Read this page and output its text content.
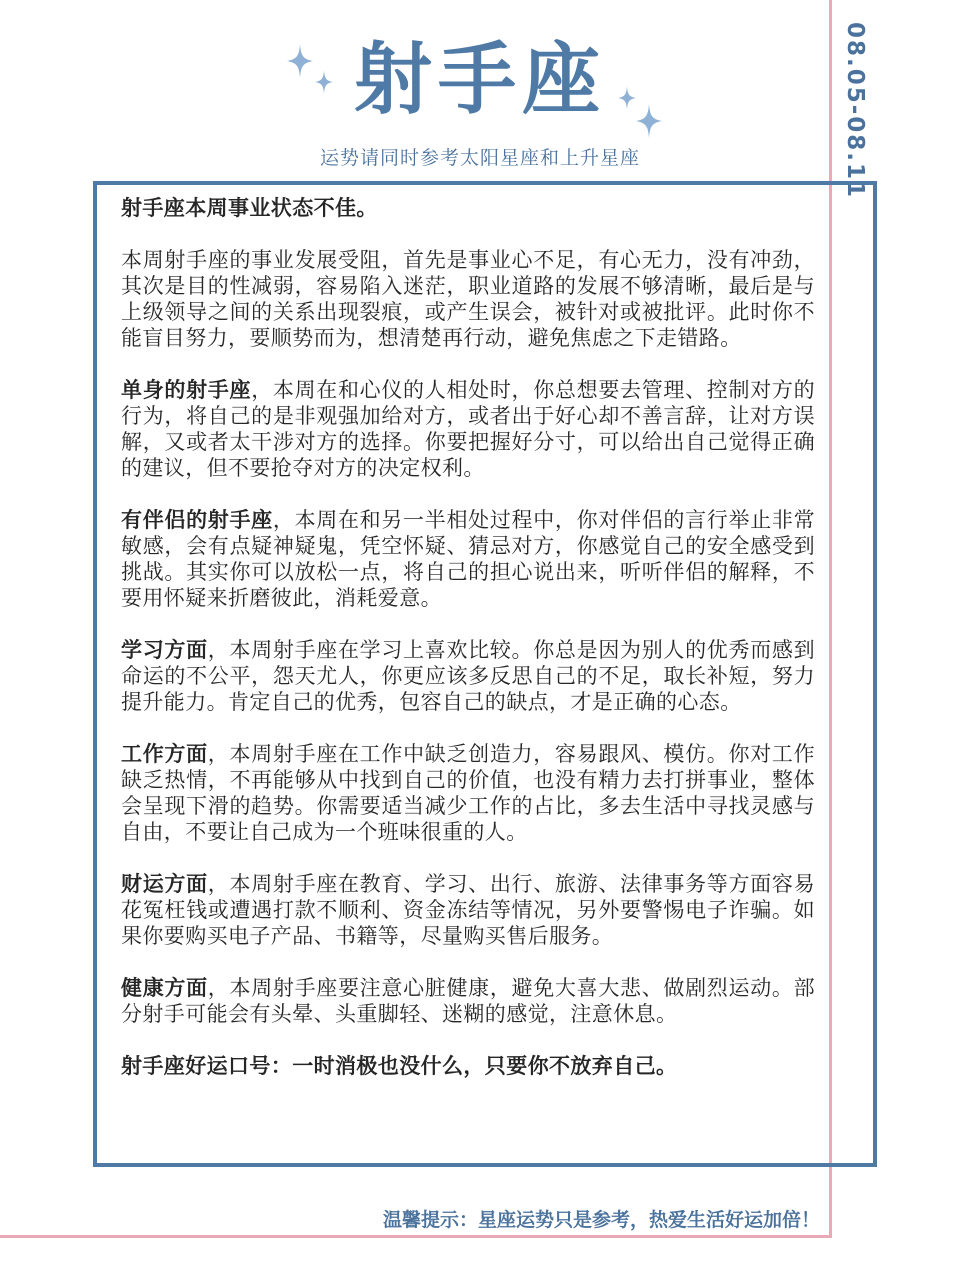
08.05-08.11
射手座
运势请同时参考太阳星座和上升星座

射手座本周事业状态不佳。

本周射手座的事业发展受阻，首先是事业心不足，有心无力，没有冲劲，其次是目的性减弱，容易陷入迷茫，职业道路的发展不够清晰，最后是与上级领导之间的关系出现裂痕，或产生误会，被针对或被批评。此时你不能盲目努力，要顺势而为，想清楚再行动，避免焦虑之下走错路。

单身的射手座，本周在和心仪的人相处时，你总想要去管理、控制对方的行为，将自己的是非观强加给对方，或者出于好心却不善言辞，让对方误解，又或者太干涉对方的选择。你要把握好分寸，可以给出自己觉得正确的建议，但不要抢夺对方的决定权利。

有伴侣的射手座，本周在和另一半相处过程中，你对伴侣的言行举止非常敏感，会有点疑神疑鬼，凭空怀疑、猜忌对方，你感觉自己的安全感受到挑战。其实你可以放松一点，将自己的担心说出来，听听伴侣的解释，不要用怀疑来折磨彼此，消耗爱意。

学习方面，本周射手座在学习上喜欢比较。你总是因为别人的优秀而感到命运的不公平，怨天尤人，你更应该多反思自己的不足，取长补短，努力提升能力。肯定自己的优秀，包容自己的缺点，才是正确的心态。

工作方面，本周射手座在工作中缺乏创造力，容易跟风、模仿。你对工作缺乏热情，不再能够从中找到自己的价值，也没有精力去打拼事业，整体会呈现下滑的趋势。你需要适当减少工作的占比，多去生活中寻找灵感与自由，不要让自己成为一个班味很重的人。

财运方面，本周射手座在教育、学习、出行、旅游、法律事务等方面容易花冤枉钱或遭遇打款不顺利、资金冻结等情况，另外要警惕电子诈骗。如果你要购买电子产品、书籍等，尽量购买售后服务。

健康方面，本周射手座要注意心脏健康，避免大喜大悲、做剧烈运动。部分射手可能会有头晕、头重脚轻、迷糊的感觉，注意休息。

射手座好运口号：一时消极也没什么，只要你不放弃自己。

温馨提示：星座运势只是参考，热爱生活好运加倍！
